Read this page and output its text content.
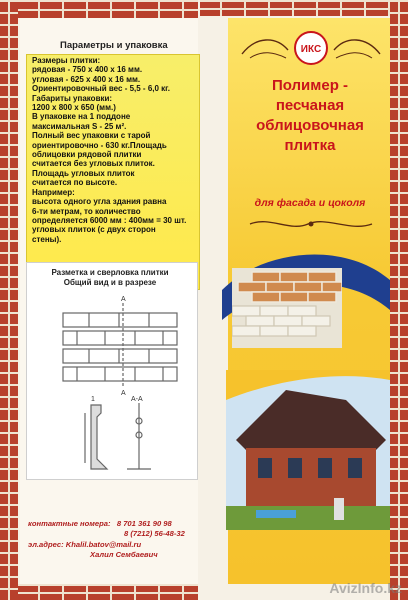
Параметры и упаковка
Размеры плитки:
рядовая - 750 х 400 х 16 мм.
угловая - 625 х 400 х 16 мм.
Ориентировочный вес - 5,5 - 6,0 кг.
Габариты упаковки:
1200 х 800 х 650 (мм.)
В упаковке на 1 поддоне
максимальная S - 25 м².
Полный вес упаковки с тарой
ориентировочно - 630 кг.Площадь
облицовки рядовой плитки
считается без угловых плиток.
Площадь угловых плиток
считается по высоте.
Например:
высота одного угла здания равна
6-ти метрам, то количество
определяется 6000 мм : 400мм = 30 шт.
угловых плиток (с двух сторон
стены).
A
A
A-A
1
Разметка и сверловка плитки
Общий вид и в разрезе
контактные номера: 8 701 361 90 98
8 (7212) 56-48-32
эл.адрес: Khalil.batov@mail.ru
Халил Сембаевич
ИКС
Полимер -
песчаная
облицовочная
плитка
для фасада и цоколя
AvizInfo.kz
